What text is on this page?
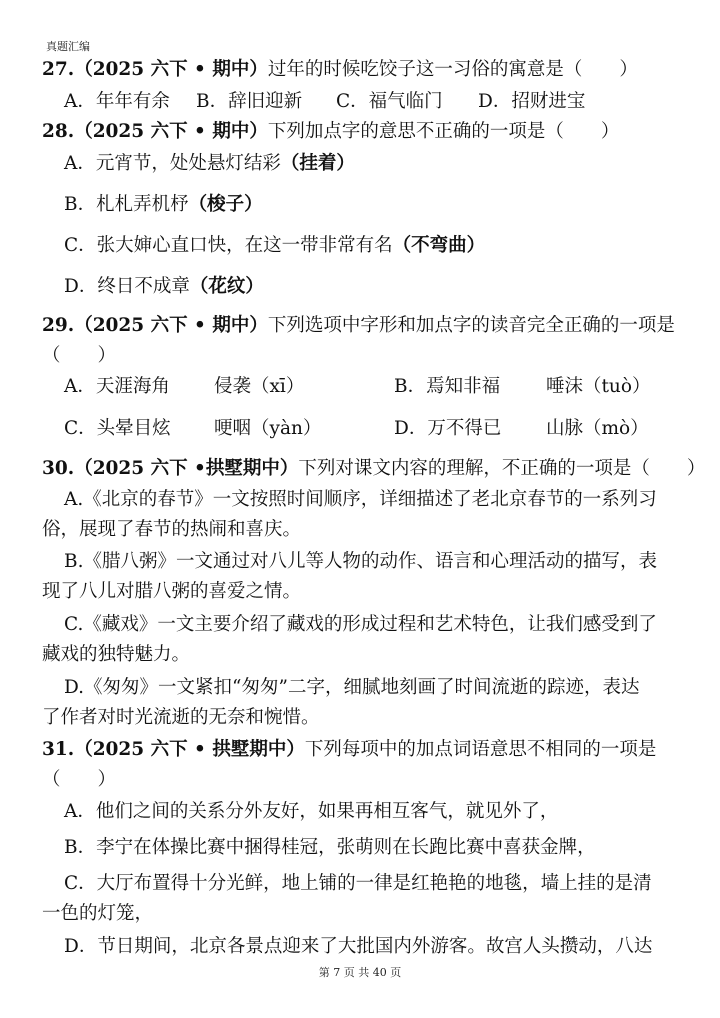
真题汇编
27.（2025 六下 • 期中）过年的时候吃饺子这一习俗的寓意是（　　）
A．年年有余 B．辞旧迎新 C．福气临门 D．招财进宝
28.（2025 六下 • 期中）下列加点字的意思不正确的一项是（　　）
A．元宵节，处处悬灯结彩（挂着）
B．札札弄机杼（梭子）
C．张大婶心直口快，在这一带非常有名（不弯曲）
D．终日不成章（花纹）
29.（2025 六下 • 期中）下列选项中字形和加点字的读音完全正确的一项是
（　　）
A．天涯海角 侵袭（xī）	B．焉知非福 唾沫（tuò）
C．头晕目炫 哽咽（yàn）	D．万不得已 山脉（mò）
30.（2025 六下 •拱墅期中）下列对课文内容的理解，不正确的一项是（　　）
A.《北京的春节》一文按照时间顺序，详细描述了老北京春节的一系列习
俗，展现了春节的热闹和喜庆。
B.《腊八粥》一文通过对八儿等人物的动作、语言和心理活动的描写，表
现了八儿对腊八粥的喜爱之情。
C.《藏戏》一文主要介绍了藏戏的形成过程和艺术特色，让我们感受到了
藏戏的独特魅力。
D.《匆匆》一文紧扣“匆匆”二字，细腻地刻画了时间流逝的踪迹，表达
了作者对时光流逝的无奈和惋惜。
31.（2025 六下 • 拱墅期中）下列每项中的加点词语意思不相同的一项是
（　　）
A．他们之间的关系分外友好，如果再相互客气，就见外了，
B．李宁在体操比赛中捆得桂冠，张萌则在长跑比赛中喜获金牌，
C．大厅布置得十分光鲜，地上铺的一律是红艳艳的地毯，墙上挂的是清
一色的灯笼，
D．节日期间，北京各景点迎来了大批国内外游客。故宫人头攒动，八达
第 7 页 共 40 页
